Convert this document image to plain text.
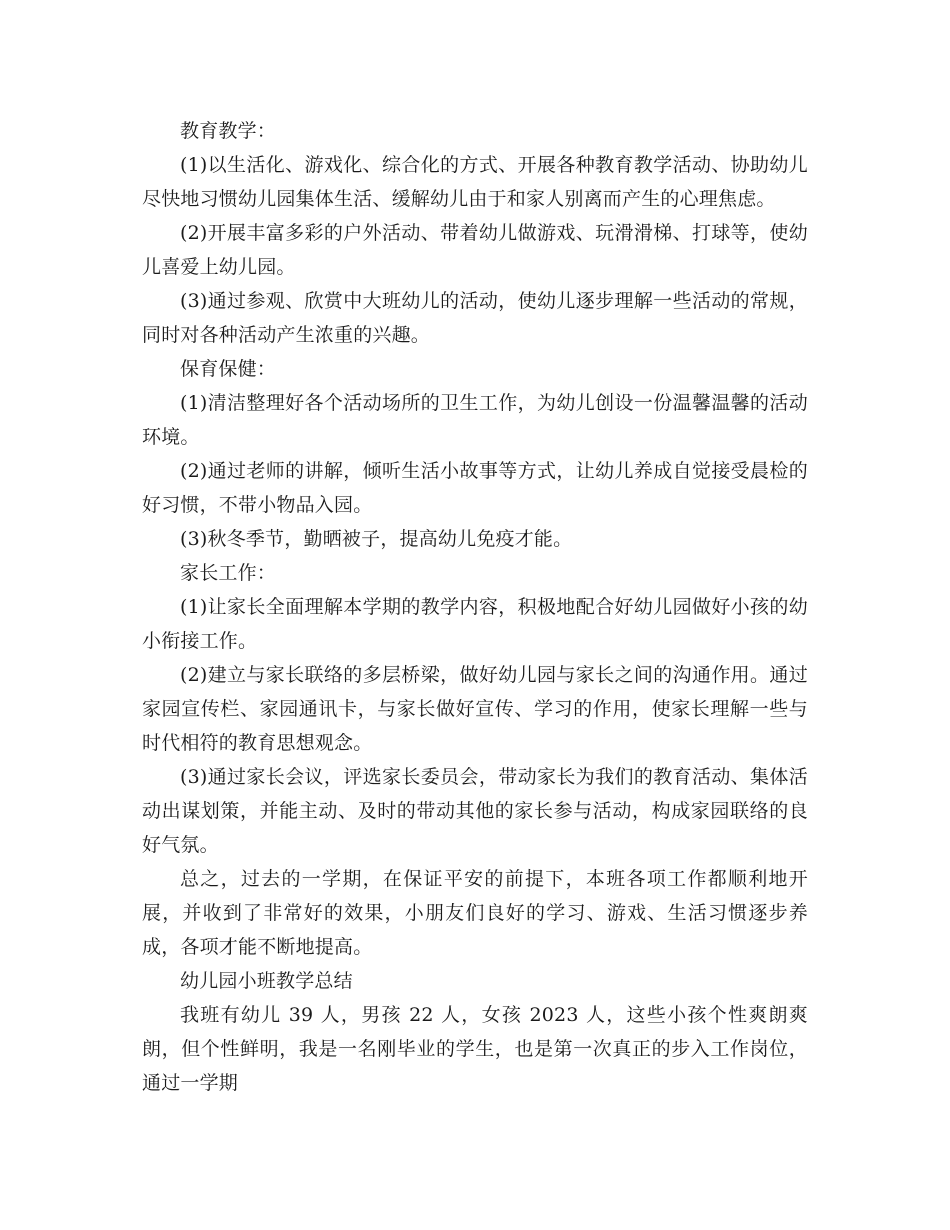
教育教学：

(1)以生活化、游戏化、综合化的方式、开展各种教育教学活动、协助幼儿尽快地习惯幼儿园集体生活、缓解幼儿由于和家人别离而产生的心理焦虑。

(2)开展丰富多彩的户外活动、带着幼儿做游戏、玩滑滑梯、打球等，使幼儿喜爱上幼儿园。

(3)通过参观、欣赏中大班幼儿的活动，使幼儿逐步理解一些活动的常规，同时对各种活动产生浓重的兴趣。

保育保健：

(1)清洁整理好各个活动场所的卫生工作，为幼儿创设一份温馨温馨的活动环境。

(2)通过老师的讲解，倾听生活小故事等方式，让幼儿养成自觉接受晨检的好习惯，不带小物品入园。

(3)秋冬季节，勤晒被子，提高幼儿免疫才能。

家长工作：

(1)让家长全面理解本学期的教学内容，积极地配合好幼儿园做好小孩的幼小衔接工作。

(2)建立与家长联络的多层桥梁，做好幼儿园与家长之间的沟通作用。通过家园宣传栏、家园通讯卡，与家长做好宣传、学习的作用，使家长理解一些与时代相符的教育思想观念。

(3)通过家长会议，评选家长委员会，带动家长为我们的教育活动、集体活动出谋划策，并能主动、及时的带动其他的家长参与活动，构成家园联络的良好气氛。

总之，过去的一学期，在保证平安的前提下，本班各项工作都顺利地开展，并收到了非常好的效果，小朋友们良好的学习、游戏、生活习惯逐步养成，各项才能不断地提高。

幼儿园小班教学总结

我班有幼儿 39 人，男孩 22 人，女孩 2023 人，这些小孩个性爽朗爽朗，但个性鲜明，我是一名刚毕业的学生，也是第一次真正的步入工作岗位，通过一学期
